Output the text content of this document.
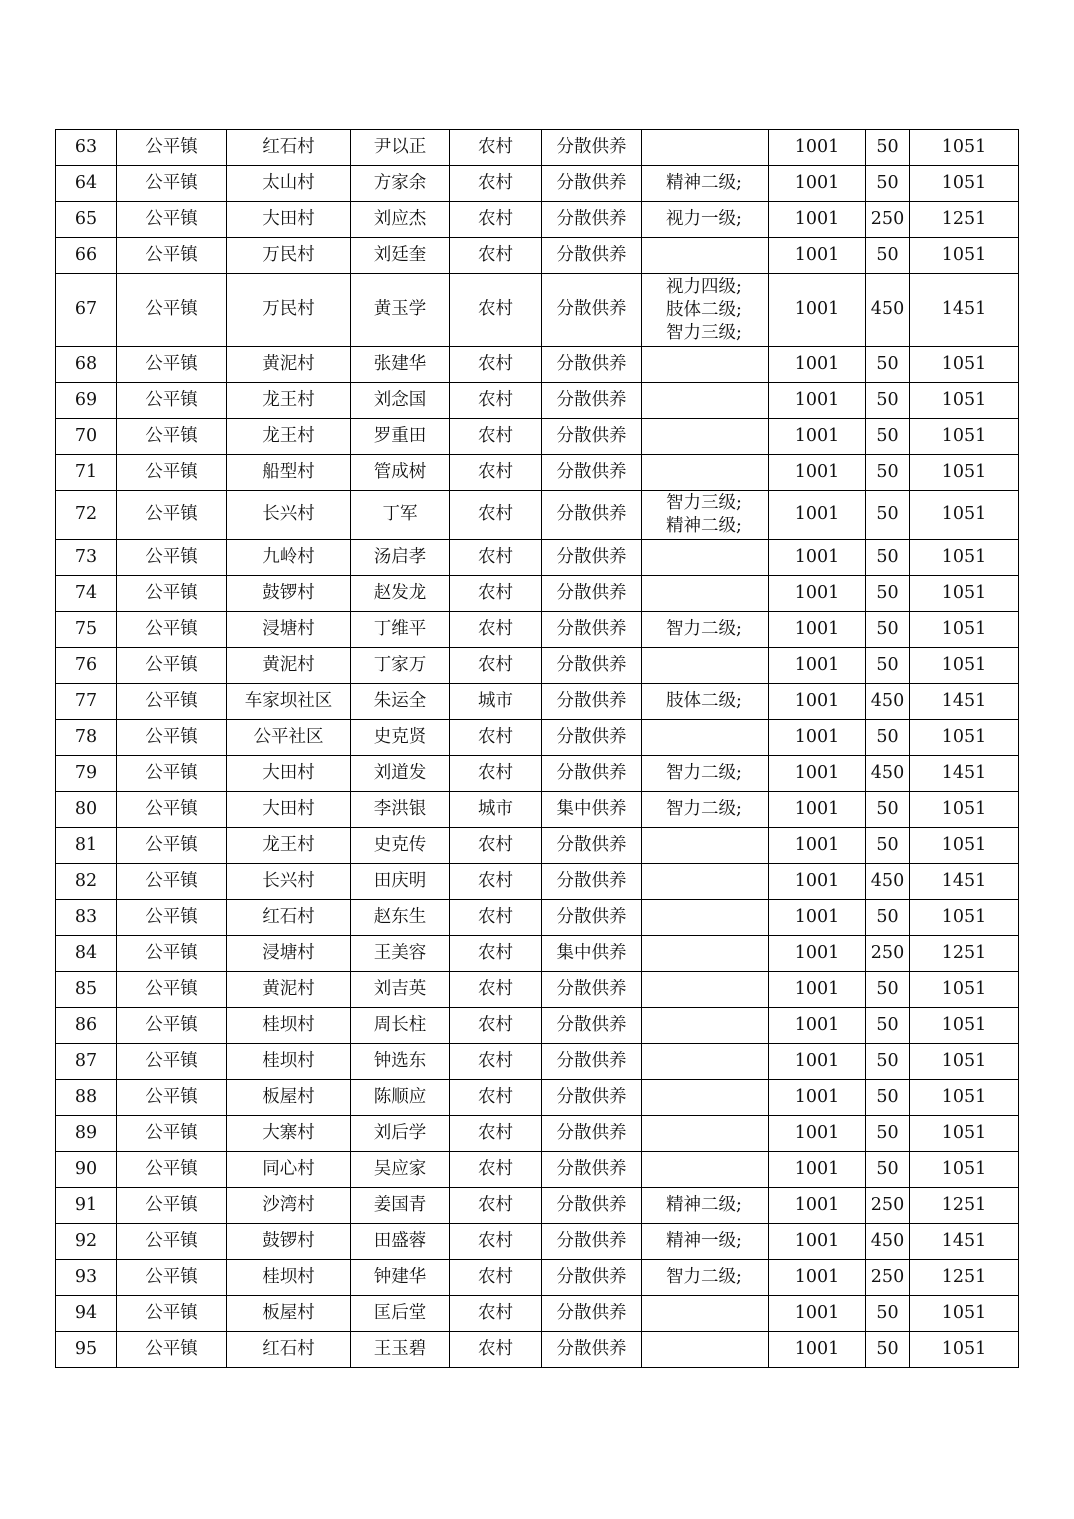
63	公平镇	红石村	尹以正	农村	分散供养		1001	50	1051
64	公平镇	太山村	方家余	农村	分散供养	精神二级;	1001	50	1051
65	公平镇	大田村	刘应杰	农村	分散供养	视力一级;	1001	250	1251
66	公平镇	万民村	刘廷奎	农村	分散供养		1001	50	1051
67	公平镇	万民村	黄玉学	农村	分散供养	视力四级;
肢体二级;
智力三级;	1001	450	1451
68	公平镇	黄泥村	张建华	农村	分散供养		1001	50	1051
69	公平镇	龙王村	刘念国	农村	分散供养		1001	50	1051
70	公平镇	龙王村	罗重田	农村	分散供养		1001	50	1051
71	公平镇	船型村	管成树	农村	分散供养		1001	50	1051
72	公平镇	长兴村	丁军	农村	分散供养	智力三级;
精神二级;	1001	50	1051
73	公平镇	九岭村	汤启孝	农村	分散供养		1001	50	1051
74	公平镇	鼓锣村	赵发龙	农村	分散供养		1001	50	1051
75	公平镇	浸塘村	丁维平	农村	分散供养	智力二级;	1001	50	1051
76	公平镇	黄泥村	丁家万	农村	分散供养		1001	50	1051
77	公平镇	车家坝社区	朱运全	城市	分散供养	肢体二级;	1001	450	1451
78	公平镇	公平社区	史克贤	农村	分散供养		1001	50	1051
79	公平镇	大田村	刘道发	农村	分散供养	智力二级;	1001	450	1451
80	公平镇	大田村	李洪银	城市	集中供养	智力二级;	1001	50	1051
81	公平镇	龙王村	史克传	农村	分散供养		1001	50	1051
82	公平镇	长兴村	田庆明	农村	分散供养		1001	450	1451
83	公平镇	红石村	赵东生	农村	分散供养		1001	50	1051
84	公平镇	浸塘村	王美容	农村	集中供养		1001	250	1251
85	公平镇	黄泥村	刘吉英	农村	分散供养		1001	50	1051
86	公平镇	桂坝村	周长柱	农村	分散供养		1001	50	1051
87	公平镇	桂坝村	钟选东	农村	分散供养		1001	50	1051
88	公平镇	板屋村	陈顺应	农村	分散供养		1001	50	1051
89	公平镇	大寨村	刘后学	农村	分散供养		1001	50	1051
90	公平镇	同心村	吴应家	农村	分散供养		1001	50	1051
91	公平镇	沙湾村	姜国青	农村	分散供养	精神二级;	1001	250	1251
92	公平镇	鼓锣村	田盛蓉	农村	分散供养	精神一级;	1001	450	1451
93	公平镇	桂坝村	钟建华	农村	分散供养	智力二级;	1001	250	1251
94	公平镇	板屋村	匡后堂	农村	分散供养		1001	50	1051
95	公平镇	红石村	王玉碧	农村	分散供养		1001	50	1051
